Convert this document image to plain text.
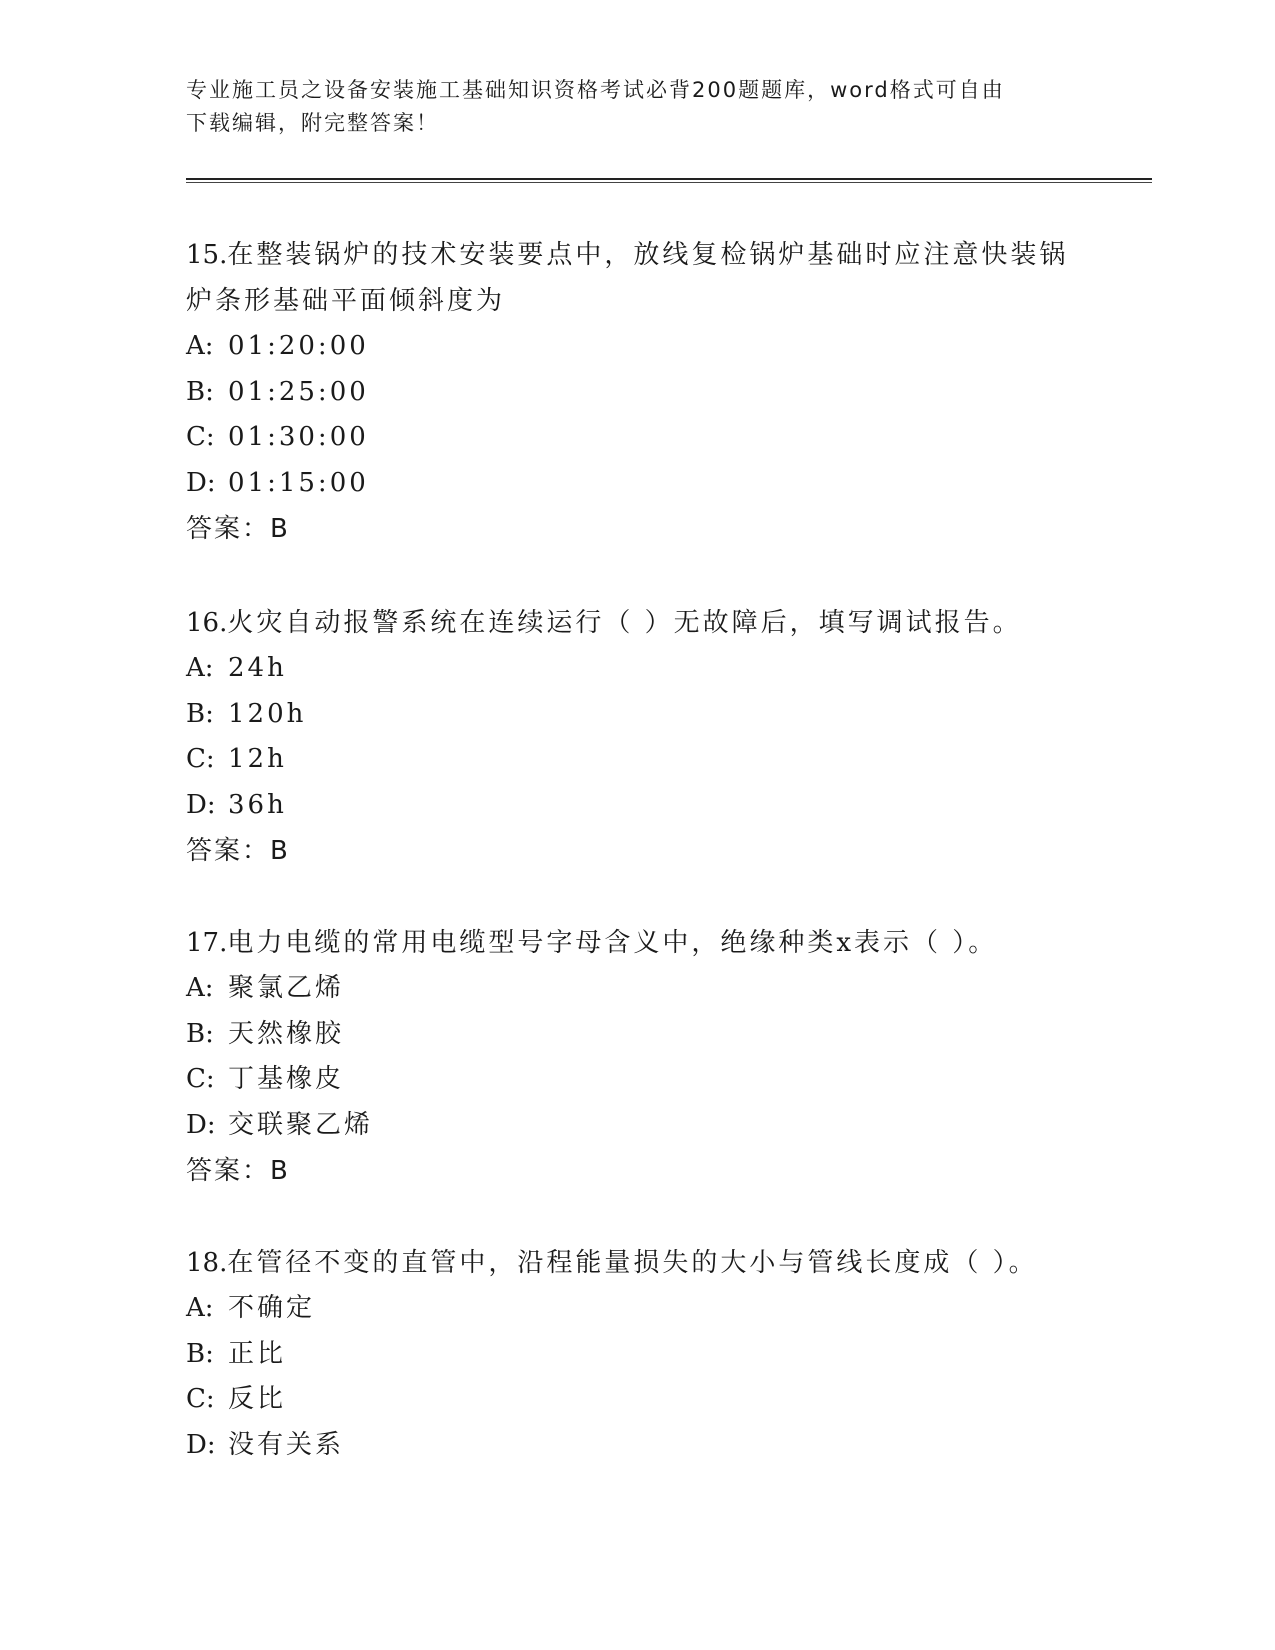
专业施工员之设备安装施工基础知识资格考试必背200题题库，word格式可自由
下载编辑，附完整答案！
15.在整装锅炉的技术安装要点中，放线复检锅炉基础时应注意快装锅
炉条形基础平面倾斜度为
A: 01:20:00
B: 01:25:00
C: 01:30:00
D: 01:15:00
答案：B
16.火灾自动报警系统在连续运行（ ）无故障后，填写调试报告。
A: 24h
B: 120h
C: 12h
D: 36h
答案：B
17.电力电缆的常用电缆型号字母含义中，绝缘种类x表示（ ）。
A: 聚氯乙烯
B: 天然橡胶
C: 丁基橡皮
D: 交联聚乙烯
答案：B
18.在管径不变的直管中，沿程能量损失的大小与管线长度成（ ）。
A: 不确定
B: 正比
C: 反比
D: 没有关系
